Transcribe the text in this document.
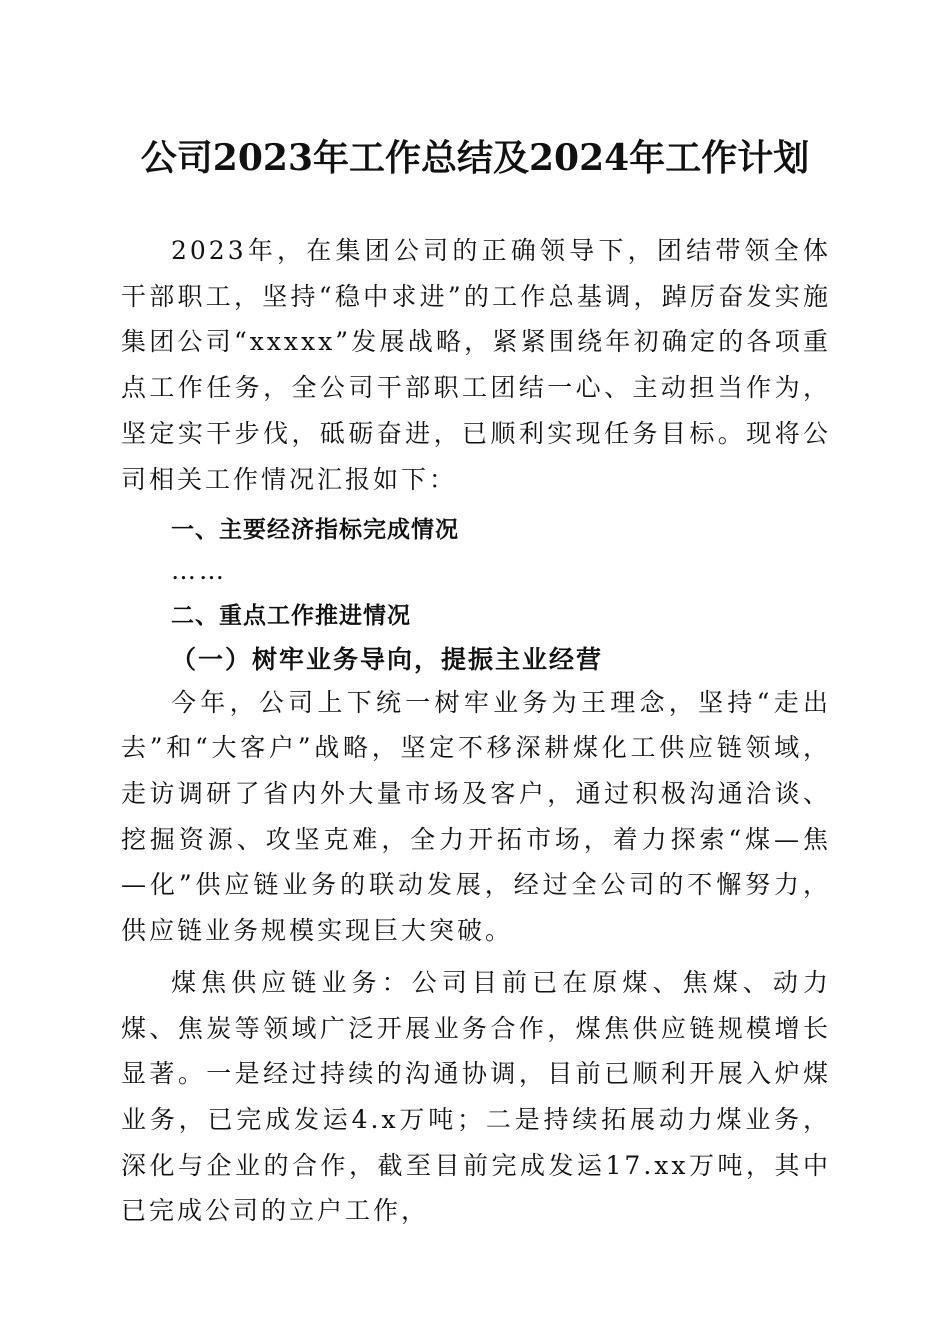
公司2023年工作总结及2024年工作计划

2023年，在集团公司的正确领导下，团结带领全体干部职工，坚持“稳中求进”的工作总基调，踔厉奋发实施集团公司“xxxxx”发展战略，紧紧围绕年初确定的各项重点工作任务，全公司干部职工团结一心、主动担当作为，坚定实干步伐，砥砺奋进，已顺利实现任务目标。现将公司相关工作情况汇报如下：

一、主要经济指标完成情况

……

二、重点工作推进情况

（一）树牢业务导向，提振主业经营

今年，公司上下统一树牢业务为王理念，坚持“走出去”和“大客户”战略，坚定不移深耕煤化工供应链领域，走访调研了省内外大量市场及客户，通过积极沟通洽谈、挖掘资源、攻坚克难，全力开拓市场，着力探索“煤—焦—化”供应链业务的联动发展，经过全公司的不懈努力，供应链业务规模实现巨大突破。

煤焦供应链业务：公司目前已在原煤、焦煤、动力煤、焦炭等领域广泛开展业务合作，煤焦供应链规模增长显著。一是经过持续的沟通协调，目前已顺利开展入炉煤业务，已完成发运4.x万吨；二是持续拓展动力煤业务，深化与企业的合作，截至目前完成发运17.xx万吨，其中已完成公司的立户工作，
